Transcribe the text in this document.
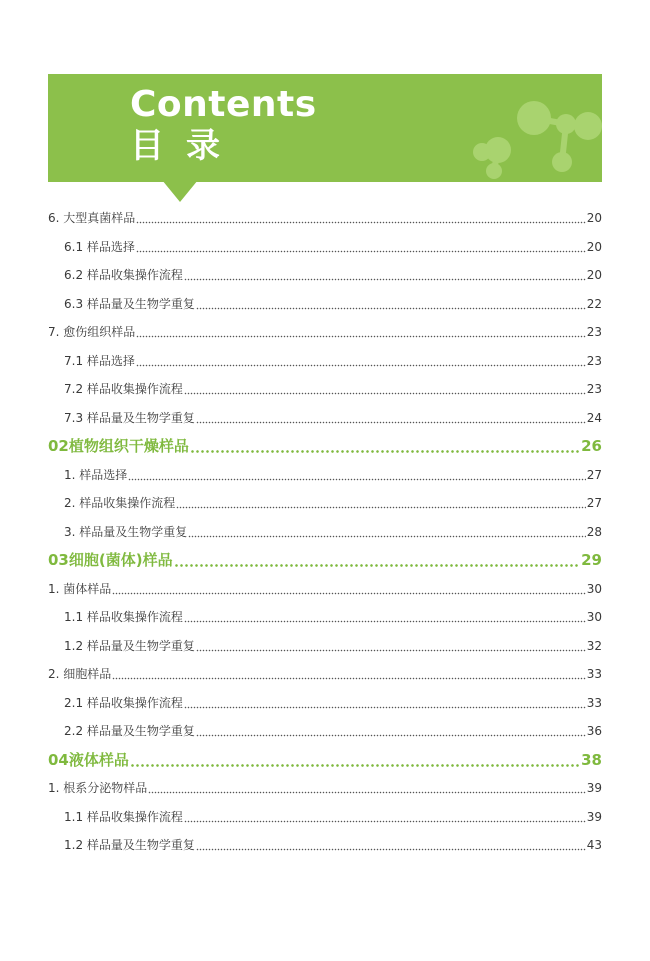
Contents
目录
6. 大型真菌样品	20
6.1 样品选择	20
6.2 样品收集操作流程	20
6.3 样品量及生物学重复	22
7. 愈伤组织样品	23
7.1 样品选择	23
7.2 样品收集操作流程	23
7.3 样品量及生物学重复	24
02植物组织干燥样品	26
1. 样品选择	27
2. 样品收集操作流程	27
3. 样品量及生物学重复	28
03细胞(菌体)样品	29
1. 菌体样品	30
1.1 样品收集操作流程	30
1.2 样品量及生物学重复	32
2. 细胞样品	33
2.1 样品收集操作流程	33
2.2 样品量及生物学重复	36
04液体样品	38
1. 根系分泌物样品	39
1.1 样品收集操作流程	39
1.2 样品量及生物学重复	43
